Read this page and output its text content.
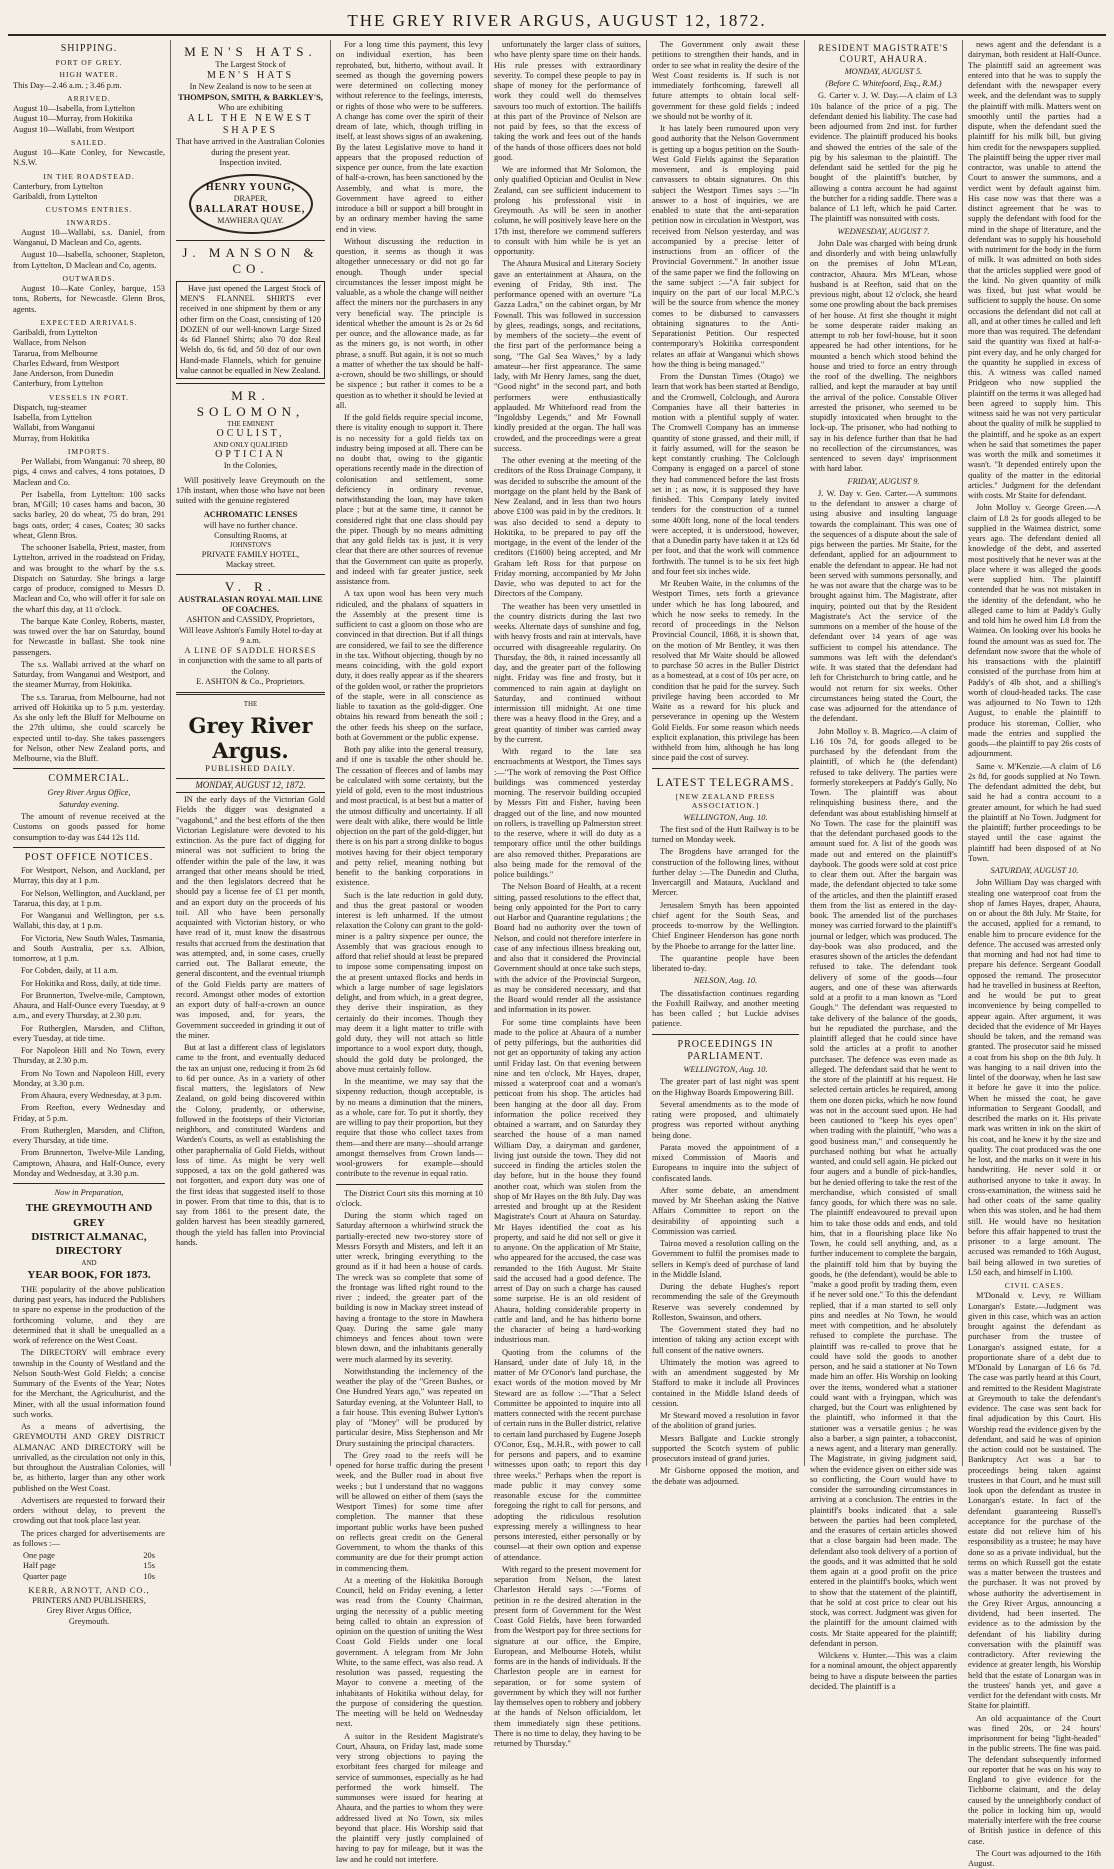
THE GREY RIVER ARGUS, AUGUST 12, 1872.
SHIPPING.
PORT OF GREY.
HIGH WATER.
This Day—2.46 a.m. ; 3.46 p.m.
ARRIVED.
August 10—Isabella, from Lyttelton
August 10—Murray, from Hokitika
August 10—Wallabi, from Westport
SAILED.
August 10—Kate Conley, for Newcastle, N.S.W.
IN THE ROADSTEAD.
Canterbury, from Lyttelton
Garibaldi, from Lyttelton
CUSTOMS ENTRIES.
INWARDS.

August 10—Wallabi, s.s. Daniel, from Wanganui, D Maclean and Co, agents.

August 10—Isabella, schooner, Stapleton, from Lyttelton, D Maclean and Co, agents.

OUTWARDS.

August 10—Kate Conley, barque, 153 tons, Roberts, for Newcastle. Glenn Bros, agents.

EXPECTED ARRIVALS.
Garibaldi, from Lyttelton
Wallace, from Nelson
Tararua, from Melbourne
Charles Edward, from Westport
Jane Anderson, from Dunedin
Canterbury, from Lyttelton
VESSELS IN PORT.
Dispatch, tug-steamer
Isabella, from Lyttelton
Wallabi, from Wanganui
Murray, from Hokitika
IMPORTS.

Per Wallabi, from Wanganui: 70 sheep, 80 pigs, 4 cows and calves, 4 tons potatoes, D Maclean and Co.

Per Isabella, from Lyttelton: 100 sacks bran, M'Gill; 10 cases hams and bacon, 30 sacks barley, 20 do wheat, 75 do bran, 291 bags oats, order; 4 cases, Coates; 30 sacks wheat, Glenn Bros.

The schooner Isabella, Priest, master, from Lyttelton, arrived in the roadstead on Friday, and was brought to the wharf by the s.s. Dispatch on Saturday. She brings a large cargo of produce, consigned to Messrs D. Maclean and Co, who will offer it for sale on the wharf this day, at 11 o'clock.

The barque Kate Conley, Roberts, master, was towed over the bar on Saturday, bound for Newcastle in ballast. She took nine passengers.

The s.s. Wallabi arrived at the wharf on Saturday, from Wanganui and Westport, and the steamer Murray, from Hokitika.

The s.s. Tararua, from Melbourne, had not arrived off Hokitika up to 5 p.m. yesterday. As she only left the Bluff for Melbourne on the 27th ultimo, she could scarcely be expected until to-day. She takes passengers for Nelson, other New Zealand ports, and Melbourne, via the Bluff.

COMMERCIAL.
Grey River Argus Office,
Saturday evening.

The amount of revenue received at the Customs on goods passed for home consumption to-day was £44 12s 11d.

POST OFFICE NOTICES.

For Westport, Nelson, and Auckland, per Murray, this day at 1 p.m.

For Nelson, Wellington, and Auckland, per Tararua, this day, at 1 p.m.

For Wanganui and Wellington, per s.s. Wallabi, this day, at 1 p.m.

For Victoria, New South Wales, Tasmania, and South Australia, per s.s. Albion, tomorrow, at 1 p.m.

For Cobden, daily, at 11 a.m.

For Hokitika and Ross, daily, at tide time.

For Brunnerton, Twelve-mile, Camptown, Ahaura, and Half-Ounce every Tuesday, at 9 a.m., and every Thursday, at 2.30 p.m.

For Rutherglen, Marsden, and Clifton, every Tuesday, at tide time.

For Napoleon Hill and No Town, every Thursday, at 2.30 p.m.

From No Town and Napoleon Hill, every Monday, at 3.30 p.m.

From Ahaura, every Wednesday, at 3 p.m.

From Reefton, every Wednesday and Friday, at 5 p.m.

From Rutherglen, Marsden, and Clifton, every Thursday, at tide time.

From Brunnerton, Twelve-Mile Landing, Camptown, Ahaura, and Half-Ounce, every Monday and Wednesday, at 3.30 p.m.

Now in Preparation,
THE GREYMOUTH AND GREY
DISTRICT ALMANAC, DIRECTORY
AND
YEAR BOOK, FOR 1873.

THE popularity of the above publication during past years, has induced the Publishers to spare no expense in the production of the forthcoming volume, and they are determined that it shall be unequalled as a work of reference on the West Coast.

The DIRECTORY will embrace every township in the County of Westland and the Nelson South-West Gold Fields; a concise Summary of the Events of the Year; Notes for the Merchant, the Agriculturist, and the Miner, with all the usual information found such works.

As a means of advertising, the GREYMOUTH AND GREY DISTRICT ALMANAC AND DIRECTORY will be unrivalled, as the circulation not only in this, but throughout the Australian Colonies, will be, as hitherto, larger than any other work published on the West Coast.

Advertisers are requested to forward their orders without delay, to prevent the crowding out that took place last year.

The prices charged for advertisements are as follows :—

One page	20s
Half page	15s
Quarter page	10s
KERR, ARNOTT, AND CO.,
PRINTERS AND PUBLISHERS,
Grey River Argus Office,
Greymouth.
MEN'S HATS.
The Largest Stock of
MEN'S HATS
In New Zealand is now to be seen at
THOMPSON, SMITH, & BARKLEY'S,
Who are exhibiting
ALL THE NEWEST SHAPES
That have arrived in the Australian Colonies
during the present year.
Inspection invited.
HENRY YOUNG,
DRAPER,
BALLARAT HOUSE,
MAWHERA QUAY.
J. MANSON & CO.

Have just opened the Largest Stock of MEN'S FLANNEL SHIRTS ever received in one shipment by them or any other firm on the Coast, consisting of 120 DOZEN of our well-known Large Sized 4s 6d Flannel Shirts; also 70 doz Real Welsh do, 6s 6d, and 50 doz of our own Hand-made Flannels, which for genuine value cannot be equalled in New Zealand.

MR. SOLOMON,
THE EMINENT
OCULIST,
AND ONLY QUALIFIED
OPTICIAN
In the Colonies,

Will positively leave Greymouth on the 17th instant, when those who have not been suited with the genuine registered

ACHROMATIC LENSES
will have no further chance.
Consulting Rooms, at
JOHNSTON'S
PRIVATE FAMILY HOTEL,
Mackay street.
V. R.
AUSTRALASIAN ROYAL MAIL LINE OF COACHES.
ASHTON and CASSIDY, Proprietors,
Will leave Ashton's Family Hotel to-day at 9 a.m.
A LINE OF SADDLE HORSES
in conjunction with the same to all parts of the Colony.
E. ASHTON & Co., Proprietors.
THE
Grey River Argus.
PUBLISHED DAILY.
MONDAY, AUGUST 12, 1872.

IN the early days of the Victorian Gold Fields the digger was designated a "vagabond," and the best efforts of the then Victorian Legislature were devoted to his extinction. As the pure fact of digging for mineral was not sufficient to bring the offender within the pale of the law, it was arranged that other means should be tried, and the then legislators decreed that he should pay a license fee of £1 per month, and an export duty on the proceeds of his toil. All who have been personally acquainted with Victorian history, or who have read of it, must know the disastrous results that accrued from the destination that was attempted, and, in some cases, cruelly carried out. The Ballarat emeute, the general discontent, and the eventual triumph of the Gold Fields party are matters of record. Amongst other modes of extortion an export duty of half-a-crown an ounce was imposed, and, for years, the Government succeeded in grinding it out of the miner.

But at last a different class of legislators came to the front, and eventually deduced the tax an unjust one, reducing it from 2s 6d to 6d per ounce. As in a variety of other fiscal matters, the legislators of New Zealand, on gold being discovered within the Colony, prudently, or otherwise, followed in the footsteps of their Victorian neighbors, and constituted Wardens and Warden's Courts, as well as establishing the other paraphernalia of Gold Fields, without loss of time. As might be very well supposed, a tax on the gold gathered was not forgotten, and export duty was one of the first ideas that suggested itself to those in power. From that time to this, that is to say from 1861 to the present date, the golden harvest has been steadily garnered, though the yield has fallen into Provincial hands.

For a long time this payment, this levy on individual exertion, has been reprobated, but, hitherto, without avail. It seemed as though the governing powers were determined on collecting money without reference to the feelings, interests, or rights of those who were to be sufferers. A change has come over the spirit of their dream of late, which, though trifling in itself, at least shows signs of an awakening. By the latest Legislative move to hand it appears that the proposed reduction of sixpence per ounce, from the late exaction of half-a-crown, has been sanctioned by the Assembly, and what is more, the Government have agreed to either introduce a bill or support a bill brought in by an ordinary member having the same end in view.

Without discussing the reduction in question, it seems as though it was altogether unnecessary or did not go far enough. Though under special circumstances the lesser impost might be valuable, as a whole the change will neither affect the miners nor the purchasers in any very beneficial way. The principle is identical whether the amount is 2s or 2s 6d per ounce, and the allowance made, as far as the miners go, is not worth, in other phrase, a snuff. But again, it is not so much a matter of whether the tax should be half-a-crown, should be two shillings, or should be sixpence ; but rather it comes to be a question as to whether it should be levied at all.

If the gold fields require special income, there is vitality enough to support it. There is no necessity for a gold fields tax on industry being imposed at all. There can be no doubt that, owing to the gigantic operations recently made in the direction of colonisation and settlement, some deficiency in ordinary revenue, notwithstanding the loan, may have taken place ; but at the same time, it cannot be considered right that one class should pay the piper. Though by no means admitting that any gold fields tax is just, it is very clear that there are other sources of revenue that the Government can quite as properly, and indeed with far greater justice, seek assistance from.

A tax upon wool has been very much ridiculed, and the phalanx of squatters in the Assembly at the present time is sufficient to cast a gloom on those who are convinced in that direction. But if all things are considered, we fail to see the difference in the tax. Without objecting, though by no means coinciding, with the gold export duty, it does really appear as if the shearers of the golden wool, or rather the proprietors of the staple, were in all conscience as liable to taxation as the gold-digger. One obtains his reward from beneath the soil ; the other feeds his sheep on the surface, both at Government or the public expense.

Both pay alike into the general treasury, and if one is taxable the other should be. The cessation of fleeces and of lambs may be calculated with some certainty, but the yield of gold, even to the most industrious and most practical, is at best but a matter of the utmost difficulty and uncertainty. If all were dealt with alike, there would be little objection on the part of the gold-digger, but there is on his part a strong dislike to bogus motives having for their object temporary and petty relief, meaning nothing but benefit to the banking corporations in existence.

Such is the late reduction in gold duty, and thus the great pastoral or wooden interest is left unharmed. If the utmost relaxation the Colony can grant to the gold-miner is a paltry sixpence per ounce, the Assembly that was gracious enough to afford that relief should at least be prepared to impose some compensating impost on the at present untaxed flocks and herds in which a large number of sage legislators delight, and from which, in a great degree, they derive their inspiration, as they certainly do their incomes. Though they may deem it a light matter to trifle with gold duty, they will not attach so little importance to a wool export duty, though, should the gold duty be prolonged, the above must certainly follow.

In the meantime, we may say that the sixpenny reduction, though acceptable, is by no means a diminution that the miners, as a whole, care for. To put it shortly, they are willing to pay their proportion, but they require that those who collect taxes from them—and there are many—should arrange amongst themselves from Crown lands—wool-growers for example—should contribute to the revenue in equal ratio.

The District Court sits this morning at 10 o'clock.

During the storm which raged on Saturday afternoon a whirlwind struck the partially-erected new two-storey store of Messrs Forsyth and Misters, and left it an utter wreck, bringing everything to the ground as if it had been a house of cards. The wreck was so complete that some of the frontage was lifted right round to the river ; indeed, the greater part of the building is now in Mackay street instead of having a frontage to the store in Mawhera Quay. During the same gale many chimneys and fences about town were blown down, and the inhabitants generally were much alarmed by its severity.

Notwithstanding the inclemency of the weather the play of the "Green Bushes, or One Hundred Years ago," was repeated on Saturday evening, at the Volunteer Hall, to a fair house. This evening Bulwer Lytton's play of "Money" will be produced by particular desire, Miss Stephenson and Mr Drury sustaining the principal characters.

The Grey road to the reefs will be opened for horse traffic during the present week, and the Buller road in about five weeks ; but I understand that no waggons will be allowed on either of them (says the Westport Times) for some time after completion. The manner that these important public works have been pushed on reflects great credit on the General Government, to whom the thanks of this community are due for their prompt action in commencing them.

At a meeting of the Hokitika Borough Council, held on Friday evening, a letter was read from the County Chairman, urging the necessity of a public meeting being called to obtain an expression of opinion on the question of uniting the West Coast Gold Fields under one local government. A telegram from Mr John White, to the same effect, was also read. A resolution was passed, requesting the Mayor to convene a meeting of the inhabitants of Hokitika without delay, for the purpose of considering the question. The meeting will be held on Wednesday next.

A suitor in the Resident Magistrate's Court, Ahaura, on Friday last, made some very strong objections to paying the exorbitant fees charged for mileage and service of summonses, especially as he had performed the work himself. The summonses were issued for hearing at Ahaura, and the parties to whom they were addressed lived at No Town, six miles beyond that place. His Worship said that the plaintiff very justly complained of having to pay for mileage, but it was the law and he could not interfere.

unfortunately the larger class of suitors, who have plenty spare time on their hands. His rule presses with extraordinary severity. To compel these people to pay in shape of money for the performance of work they could well do themselves savours too much of extortion. The bailiffs at this part of the Province of Nelson are not paid by fees, so that the excess of taking the work and fees out of the hands of the hands of those officers does not hold good.

We are informed that Mr Solomon, the only qualified Optician and Oculist in New Zealand, can see sufficient inducement to prolong his professional visit in Greymouth. As will be seen in another column, he will positively leave here on the 17th inst, therefore we commend sufferers to consult with him while he is yet an opportunity.

The Ahaura Musical and Literary Society gave an entertainment at Ahaura, on the evening of Friday, 9th inst. The performance opened with an overture "La Gazza Ladra," on the cabinet organ, by Mr Fownall. This was followed in succession by glees, readings, songs, and recitations, by members of the society—the event of the first part of the performance being a song, "The Gal Sea Waves," by a lady amateur—her first appearance. The same lady, with Mr Henry James, sang the duet, "Good night" in the second part, and both performers were enthusiastically applauded. Mr Whitefoord read from the "Ingoldsby Legends," and Mr Fownall kindly presided at the organ. The hall was crowded, and the proceedings were a great success.

The other evening at the meeting of the creditors of the Ross Drainage Company, it was decided to subscribe the amount of the mortgage on the plant held by the Bank of New Zealand, and in less than two hours above £100 was paid in by the creditors. It was also decided to send a deputy to Hokitika, to be prepared to pay off the mortgage, in the event of the lender of the creditors (£1600) being accepted, and Mr Graham left Ross for that purpose on Friday morning, accompanied by Mr John Davie, who was deputed to act for the Directors of the Company.

The weather has been very unsettled in the country districts during the last two weeks. Alternate days of sunshine and fog, with heavy frosts and rain at intervals, have occurred with disagreeable regularity. On Thursday, the 8th, it rained incessantly all day, and the greater part of the following night. Friday was fine and frosty, but it commenced to rain again at daylight on Saturday, and continued without intermission till midnight. At one time there was a heavy flood in the Grey, and a great quantity of timber was carried away by the current.

With regard to the late sea encroachments at Westport, the Times says :—"The work of removing the Post Office buildings was commenced yesterday morning. The reservoir building occupied by Messrs Fitt and Fisher, having been dragged out of the line, and now mounted on rollers, is travelling up Palmerston street to the reserve, where it will do duty as a temporary office until the other buildings are also removed thither. Preparations are also being made for the removal of the police buildings."

The Nelson Board of Health, at a recent sitting, passed resolutions to the effect that, being only appointed for the Port to carry out Harbor and Quarantine regulations ; the Board had no authority over the town of Nelson, and could not therefore interfere in case of any infectious illness breaking out, and also that it considered the Provincial Government should at once take such steps, with the advice of the Provincial Surgeon, as may be considered necessary, and that the Board would render all the assistance and information in its power.

For some time complaints have been made to the police at Ahaura of a number of petty pilferings, but the authorities did not get an opportunity of taking any action until Friday last. On that evening between nine and ten o'clock, Mr Hayes, draper, missed a waterproof coat and a woman's petticoat from his shop. The articles had been hanging at the door all day. From information the police received they obtained a warrant, and on Saturday they searched the house of a man named William Day, a dairyman and gardener, living just outside the town. They did not succeed in finding the articles stolen the day before, but in the house they found another coat, which was stolen from the shop of Mr Hayes on the 8th July. Day was arrested and brought up at the Resident Magistrate's Court at Ahaura on Saturday. Mr Hayes identified the coat as his property, and said he did not sell or give it to anyone. On the application of Mr Staite, who appeared for the accused, the case was remanded to the 16th August. Mr Staite said the accused had a good defence. The arrest of Day on such a charge has caused some surprise. He is an old resident of Ahaura, holding considerable property in cattle and land, and he has hitherto borne the character of being a hard-working industrious man.

Quoting from the columns of the Hansard, under date of July 18, in the matter of Mr O'Conor's land purchase, the exact words of the motion moved by Mr Steward are as follow :—"That a Select Committee be appointed to inquire into all matters connected with the recent purchase of certain runs in the Buller district, relative to certain land purchased by Eugene Joseph O'Conor, Esq., M.H.R., with power to call for persons and papers, and to examine witnesses upon oath; to report this day three weeks." Perhaps when the report is made public it may convey some reasonable excuse for the committee foregoing the right to call for persons, and adopting the ridiculous resolution expressing merely a willingness to hear persons interested, either personally or by counsel—at their own option and expense of attendance.

With regard to the present movement for separation from Nelson, the latest Charleston Herald says :—"Forms of petition in re the desired alteration in the present form of Government for the West Coast Gold Fields, have been forwarded from the Westport pay for three sections for signature at our office, the Empire, European, and Melbourne Hotels, whilst forms are in the hands of individuals. If the Charleston people are in earnest for separation, or for some system of government by which they will not further lay themselves open to robbery and jobbery at the hands of Nelson officialdom, let them immediately sign these petitions. There is no time to delay, they having to be returned by Thursday."

The Government only await these petitions to strengthen their hands, and in order to see what in reality the desire of the West Coast residents is. If such is not immediately forthcoming, farewell all future attempts to obtain local self-government for these gold fields ; indeed we should not be worthy of it.

It has lately been rumoured upon very good authority that the Nelson Government is getting up a bogus petition on the South-West Gold Fields against the Separation movement, and is employing paid canvassers to obtain signatures. On this subject the Westport Times says :—"In answer to a host of inquiries, we are enabled to state that the anti-separation petition now in circulation in Westport, was received from Nelson yesterday, and was accompanied by a precise letter of instructions from an officer of the Provincial Government." In another issue of the same paper we find the following on the same subject :—"A fair subject for inquiry on the part of our local M.P.C.'s will be the source from whence the money comes to be disbursed to canvassers obtaining signatures to the Anti-Separationist Petition. Our respected contemporary's Hokitika correspondent relates an affair at Wanganui which shows how the thing is being managed."

From the Dunstan Times (Otago) we learn that work has been started at Bendigo, and the Cromwell, Colclough, and Aurora Companies have all their batteries in motion with a plentiful supply of water. The Cromwell Company has an immense quantity of stone grassed, and their mill, if it fairly assumed, will for the season be kept constantly crushing. The Colclough Company is engaged on a parcel of stone they had commenced before the last frosts set in ; as now, it is supposed they have finished. This Company lately invited tenders for the construction of a tunnel some 400ft long, none of the local tenders were accepted, it is understood, however, that a Dunedin party have taken it at 12s 6d per foot, and that the work will commence forthwith. The tunnel is to be six feet high and four feet six inches wide.

Mr Reuben Waite, in the columns of the Westport Times, sets forth a grievance under which he has long laboured, and which he now seeks to remedy. In the record of proceedings in the Nelson Provincial Council, 1868, it is shown that, on the motion of Mr Bentley, it was then resolved that Mr Waite should be allowed to purchase 50 acres in the Buller District as a homestead, at a cost of 10s per acre, on condition that he paid for the survey. Such privilege having been accorded to Mr Waite as a reward for his pluck and perseverance in opening up the Western Gold Fields. For some reason which needs explicit explanation, this privilege has been withheld from him, although he has long since paid the cost of survey.

LATEST TELEGRAMS.
[NEW ZEALAND PRESS ASSOCIATION.]
WELLINGTON, Aug. 10.

The first sod of the Hutt Railway is to be turned on Monday week.

The Brogdens have arranged for the construction of the following lines, without further delay :—The Dunedin and Clutha, Invercargill and Mataura, Auckland and Mercer.

Jerusalem Smyth has been appointed chief agent for the South Seas, and proceeds to-morrow by the Wellington. Chief Engineer Henderson has gone north by the Phoebe to arrange for the latter line.

The quarantine people have been liberated to-day.

NELSON, Aug. 10.

The dissatisfaction continues regarding the Foxhill Railway, and another meeting has been called ; but Luckie advises patience.

PROCEEDINGS IN PARLIAMENT.
WELLINGTON, Aug. 10.

The greater part of last night was spent on the Highway Boards Empowering Bill.

Several amendments as to the mode of rating were proposed, and ultimately progress was reported without anything being done.

Parata moved the appointment of a mixed Commission of Maoris and Europeans to inquire into the subject of confiscated lands.

After some debate, an amendment moved by Mr Sheehan asking the Native Affairs Committee to report on the desirability of appointing such a Commission was carried.

Tairoa moved a resolution calling on the Government to fulfil the promises made to sellers in Kemp's deed of purchase of land in the Middle Island.

During the debate Hughes's report recommending the sale of the Greymouth Reserve was severely condemned by Rolleston, Swainson, and others.

The Government stated they had no intention of taking any action except with full consent of the native owners.

Ultimately the motion was agreed to with an amendment suggested by Mr Stafford to make it include all Provinces contained in the Middle Island deeds of cession.

Mr Steward moved a resolution in favor of the abolition of grand juries.

Messrs Ballgate and Luckie strongly supported the Scotch system of public prosecutors instead of grand juries.

Mr Gisborne opposed the motion, and the debate was adjourned.

RESIDENT MAGISTRATE'S COURT, AHAURA.
MONDAY, AUGUST 5.
(Before C. Whitefoord, Esq., R.M.)

G. Carter v. J. W. Day.—A claim of L3 10s balance of the price of a pig. The defendant denied his liability. The case had been adjourned from 2nd inst. for further evidence. The plaintiff produced his books and showed the entries of the sale of the pig by his salesman to the plaintiff. The defendant said he settled for the pig he bought of the plaintiff's butcher, by allowing a contra account he had against the butcher for a riding saddle. There was a balance of L1 left, which he paid Carter. The plaintiff was nonsuited with costs.

WEDNESDAY, AUGUST 7.

John Dale was charged with being drunk and disorderly and with being unlawfully on the premises of John M'Lean, contractor, Ahaura. Mrs M'Lean, whose husband is at Reefton, said that on the previous night, about 12 o'clock, she heard some one prowling about the back premises of her house. At first she thought it might be some desperate raider making an attempt to rob her fowl-house, but it soon appeared he had other intentions, for he mounted a bench which stood behind the house and tried to force an entry through the roof of the dwelling. The neighbors rallied, and kept the marauder at bay until the arrival of the police. Constable Oliver arrested the prisoner, who seemed to be stupidly intoxicated when brought to the lock-up. The prisoner, who had nothing to say in his defence further than that he had no recollection of the circumstances, was sentenced to seven days' imprisonment with hard labor.

FRIDAY, AUGUST 9.

J. W. Day v. Geo. Carter.—A summons to the defendant to answer a charge of using abusive and insulting language towards the complainant. This was one of the sequences of a dispute about the sale of pigs between the parties. Mr Staite, for the defendant, applied for an adjournment to enable the defendant to appear. He had not been served with summons personally, and he was not aware that the charge was to be brought against him. The Magistrate, after inquiry, pointed out that by the Resident Magistrate's Act the service of the summons on a member of the house of the defendant over 14 years of age was sufficient to compel his attendance. The summons was left with the defendant's wife. It was stated that the defendant had left for Christchurch to bring cattle, and he would not return for six weeks. Other circumstances being stated the Court, the case was adjourned for the attendance of the defendant.

John Molloy v. B. Magrico.—A claim of L16 10s 7d, for goods alleged to be purchased by the defendant from the plaintiff, of which he (the defendant) refused to take delivery. The parties were formerly storekeepers at Paddy's Gully, No Town. The plaintiff was about relinquishing business there, and the defendant was about establishing himself at No Town. The case for the plaintiff was that the defendant purchased goods to the amount sued for. A list of the goods was made out and entered on the plaintiff's daybook. The goods were sold at cost price to clear them out. After the bargain was made, the defendant objected to take some of the articles, and then the plaintiff erased them from the list as entered in the day-book. The amended list of the purchases money was carried forward to the plaintiff's journal or ledger, which was produced. The day-book was also produced, and the erasures shown of the articles the defendant refused to take. The defendant took delivery of some of the goods—four augers, and one of these was afterwards sold at a profit to a man known as "Lord Gough." The defendant was requested to take delivery of the balance of the goods, but he repudiated the purchase, and the plaintiff alleged that he could since have sold the articles at a profit to another purchaser. The defence was even made as alleged. The defendant said that he went to the store of the plaintiff at his request. He selected certain articles he required, among them one dozen picks, which he now found was not in the account sued upon. He had been cautioned to "keep his eyes open" when trading with the plaintiff, "who was a good business man," and consequently he purchased nothing but what he actually wanted, and could sell again. He picked out four augers and a bundle of pick-handles, but he denied offering to take the rest of the merchandise, which consisted of small fancy goods, for which there was no sale. The plaintiff endeavoured to prevail upon him to take those odds and ends, and told him, that in a flourishing place like No Town, he could sell anything, and, as a further inducement to complete the bargain, the plaintiff told him that by buying the goods, he (the defendant), would be able to "make a good profit by trading them, even if he never sold one." To this the defendant replied, that if a man started to sell only pins and needles at No Town, he would meet with competition, and he absolutely refused to complete the purchase. The plaintiff was re-called to prove that he could have sold the goods to another person, and he said a stationer at No Town made him an offer. His Worship on looking over the items, wondered what a stationer could want with a fryingpan, which was charged, but the Court was enlightened by the plaintiff, who informed it that the stationer was a versatile genius ; he was also a barber, a sign painter, a tobacconist, a news agent, and a literary man generally. The Magistrate, in giving judgment said, when the evidence given on either side was so conflicting, the Court would have to consider the surrounding circumstances in arriving at a conclusion. The entries in the plaintiff's books indicated that a sale between the parties had been completed, and the erasures of certain articles showed that a close bargain had been made. The defendant also took delivery of a portion of the goods, and it was admitted that he sold them again at a good profit on the price entered in the plaintiff's books, which went to show that the statement of the plaintiff, that he sold at cost price to clear out his stock, was correct. Judgment was given for the plaintiff for the amount claimed with costs. Mr Staite appeared for the plaintiff; defendant in person.

Wilckens v. Hunter.—This was a claim for a nominal amount, the object apparently being to have a dispute between the parties decided. The plaintiff is a

news agent and the defendant is a dairyman, both resident at Half-Ounce. The plaintiff said an agreement was entered into that he was to supply the defendant with the newspaper every week, and the defendant was to supply the plaintiff with milk. Matters went on smoothly until the parties had a dispute, when the defendant sued the plaintiff for his milk bill, but giving him credit for the newspapers supplied. The plaintiff being the upper river mail contractor, was unable to attend the Court to answer the summons, and a verdict went by default against him. His case now was that there was a distinct agreement that he was to supply the defendant with food for the mind in the shape of literature, and the defendant was to supply his household with nutriment for the body in the form of milk. It was admitted on both sides that the articles supplied were good of the kind. No given quantity of milk was fixed, but just what would be sufficient to supply the house. On some occasions the defendant did not call at all, and at other times he called and left more than was required. The defendant said the quantity was fixed at half-a-pint every day, and he only charged for the quantity he supplied in excess of this. A witness was called named Pridgeon who now supplied the plaintiff on the terms it was alleged had been agreed to supply him. This witness said he was not very particular about the quality of milk he supplied to the plaintiff, and he spoke as an expert when he said that sometimes the paper was worth the milk and sometimes it wasn't. "It depended entirely upon the quality of the matter in the editorial articles." Judgment for the defendant with costs. Mr Staite for defendant.

John Molloy v. George Green.—A claim of L8 2s for goods alleged to be supplied in the Waimea district, some years ago. The defendant denied all knowledge of the debt, and asserted most positively that he never was at the place where it was alleged the goods were supplied him. The plaintiff contended that he was not mistaken in the identity of the defendant, who he alleged came to him at Paddy's Gully and told him he owed him L8 from the Waimea. On looking over his books he found the amount was as sued for. The defendant now swore that the whole of his transactions with the plaintiff consisted of the purchase from him at Paddy's of 4lb shot, and a shilling's worth of cloud-headed tacks. The case was adjourned to No Town to 12th August, to enable the plaintiff to produce his storeman, Collier, who made the entries and supplied the goods—the plaintiff to pay 26s costs of adjournment.

Same v. M'Kenzie.—A claim of L6 2s 8d, for goods supplied at No Town. The defendant admitted the debt, but said he had a contra account to a greater amount, for which he had sued the plaintiff at No Town. Judgment for the plaintiff; further proceedings to be stayed until the case against the plaintiff had been disposed of at No Town.

SATURDAY, AUGUST 10.

John William Day was charged with stealing one waterproof coat from the shop of James Hayes, draper, Ahaura, on or about the 8th July. Mr Staite, for the accused, applied for a remand, to enable him to procure evidence for the defence. The accused was arrested only that morning and had not had time to prepare his defence. Sergeant Goodall opposed the remand. The prosecutor had he travelled in business at Reefton, and he would be put to great inconvenience by being compelled to appear again. After argument, it was decided that the evidence of Mr Hayes should be taken, and the remand was granted. The prosecutor said he missed a coat from his shop on the 8th July. It was hanging to a nail driven into the lintel of the doorway, when he last saw it before he gave it into the police. When he missed the coat, he gave information to Sergeant Goodall, and described the marks on it. His private mark was written in ink on the skirt of his coat, and he knew it by the size and quality. The coat produced was the one he lost, and the marks on it were in his handwriting. He never sold it or authorised anyone to take it away. In cross-examination, the witness said he had other coats of the same quality when this was stolen, and he had them still. He would have no hesitation before this affair happened to trust the prisoner to a large amount. The accused was remanded to 16th August, bail being allowed in two sureties of L50 each, and himself in L100.

CIVIL CASES.

M'Donald v. Levy, re William Lonargan's Estate.—Judgment was given in this case, which was an action brought against the defendant as purchaser from the trustee of Lonargan's assigned estate, for a proportionate share of a debt due to M'Donald by Lonargan of L6 6s 7d. The case was partly heard at this Court, and remitted to the Resident Magistrate at Greymouth to take the defendant's evidence. The case was sent back for final adjudication by this Court. His Worship read the evidence given by the defendant, and said he was of opinion the action could not be sustained. The Bankruptcy Act was a bar to proceedings being taken against trustees in that Court, and he must still look upon the defendant as trustee in Lonargan's estate. In fact of the defendant guaranteeing Russell's acceptance for the purchase of the estate did not relieve him of his responsibility as a trustee; he may have done so as a private individual, but the terms on which Russell got the estate was a matter between the trustees and the purchaser. It was not proved by whose authority the advertisement in the Grey River Argus, announcing a dividend, had been inserted. The evidence as to the admission by the defendant of his liability during conversation with the plaintiff was contradictory. After reviewing the evidence at greater length, his Worship held that the estate of Lonargan was in the trustees' hands yet, and gave a verdict for the defendant with costs. Mr Staite for plaintiff.

An old acquaintance of the Court was fined 20s, or 24 hours' imprisonment for being "light-headed" in the public streets. The fine was paid. The defendant subsequently informed our reporter that he was on his way to England to give evidence for the Tichborne claimant, and the delay caused by the unneighborly conduct of the police in locking him up, would materially interfere with the free course of British justice in defence of this case.

The Court was adjourned to the 16th August.
